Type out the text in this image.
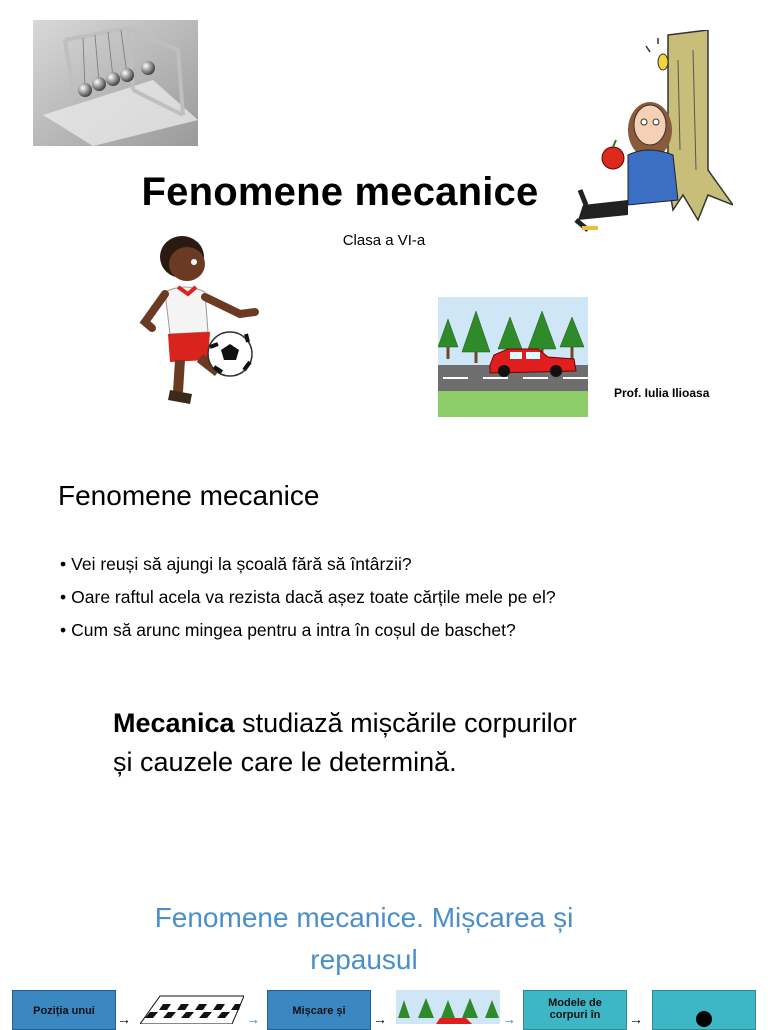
Fenomene mecanice
Clasa a VI-a
Prof. Iulia Ilioasa
Fenomene mecanice
• Vei reuși să ajungi la școală fără să întârzii?
• Oare raftul acela va rezista dacă așez toate cărțile mele pe el?
• Cum să arunc mingea pentru a intra în coșul de baschet?
Mecanica studiază mișcările corpurilor
și cauzele care le determină.
Fenomene mecanice. Mișcarea și
repausul
Poziția unui	→	→	Mișcare și	→	→
Modele de
corpuri în →
